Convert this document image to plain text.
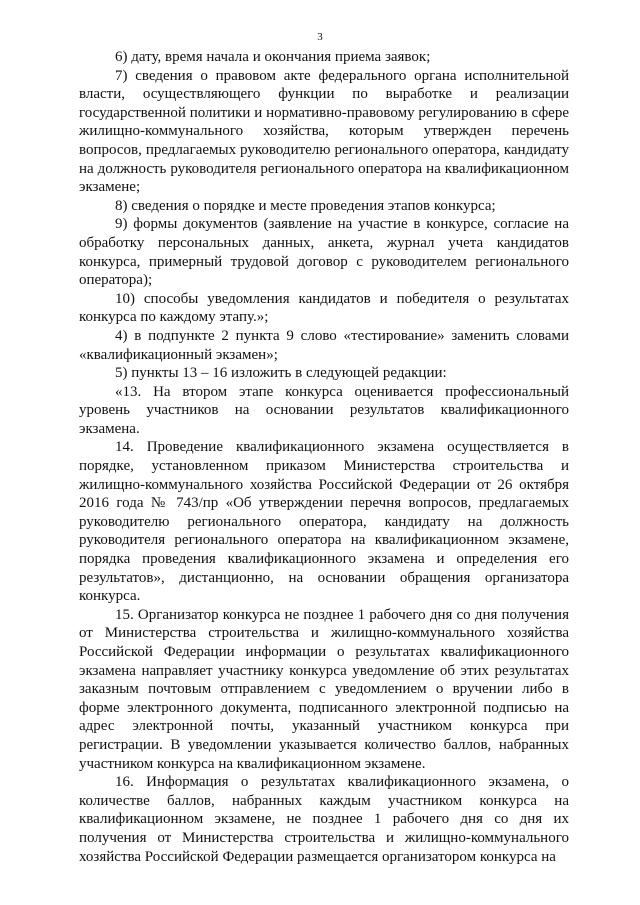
3

6) дату, время начала и окончания приема заявок;

7) сведения о правовом акте федерального органа исполнительной власти, осуществляющего функции по выработке и реализации государственной политики и нормативно-правовому регулированию в сфере жилищно-коммунального хозяйства, которым утвержден перечень вопросов, предлагаемых руководителю регионального оператора, кандидату на должность руководителя регионального оператора на квалификационном экзамене;

8) сведения о порядке и месте проведения этапов конкурса;

9) формы документов (заявление на участие в конкурсе, согласие на обработку персональных данных, анкета, журнал учета кандидатов конкурса, примерный трудовой договор с руководителем регионального оператора);

10) способы уведомления кандидатов и победителя о результатах конкурса по каждому этапу.»;

4) в подпункте 2 пункта 9 слово «тестирование» заменить словами «квалификационный экзамен»;

5) пункты 13 – 16 изложить в следующей редакции:

«13. На втором этапе конкурса оценивается профессиональный уровень участников на основании результатов квалификационного экзамена.

14. Проведение квалификационного экзамена осуществляется в порядке, установленном приказом Министерства строительства и жилищно-коммунального хозяйства Российской Федерации от 26 октября 2016 года № 743/пр «Об утверждении перечня вопросов, предлагаемых руководителю регионального оператора, кандидату на должность руководителя регионального оператора на квалификационном экзамене, порядка проведения квалификационного экзамена и определения его результатов», дистанционно, на основании обращения организатора конкурса.

15. Организатор конкурса не позднее 1 рабочего дня со дня получения от Министерства строительства и жилищно-коммунального хозяйства Российской Федерации информации о результатах квалификационного экзамена направляет участнику конкурса уведомление об этих результатах заказным почтовым отправлением с уведомлением о вручении либо в форме электронного документа, подписанного электронной подписью на адрес электронной почты, указанный участником конкурса при регистрации. В уведомлении указывается количество баллов, набранных участником конкурса на квалификационном экзамене.

16. Информация о результатах квалификационного экзамена, о количестве баллов, набранных каждым участником конкурса на квалификационном экзамене, не позднее 1 рабочего дня со дня их получения от Министерства строительства и жилищно-коммунального хозяйства Российской Федерации размещается организатором конкурса на
